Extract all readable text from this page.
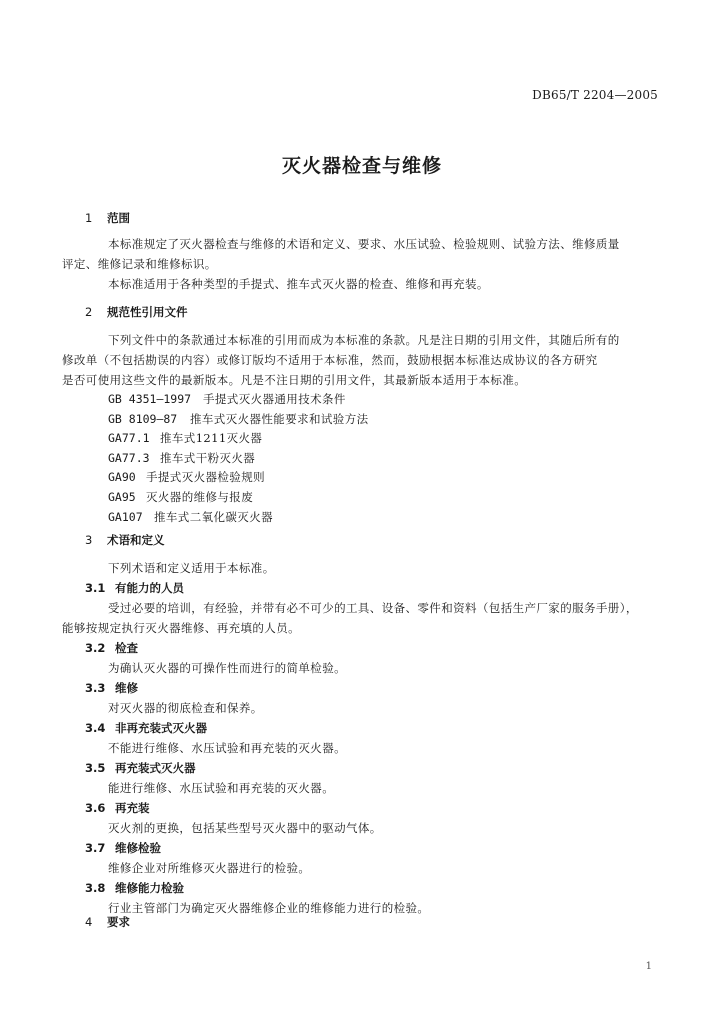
DB65/T 2204—2005
灭火器检查与维修
1 范围

本标准规定了灭火器检查与维修的术语和定义、要求、水压试验、检验规则、试验方法、维修质量
评定、维修记录和维修标识。

本标准适用于各种类型的手提式、推车式灭火器的检查、维修和再充装。

2 规范性引用文件

下列文件中的条款通过本标准的引用而成为本标准的条款。凡是注日期的引用文件，其随后所有的
修改单（不包括勘误的内容）或修订版均不适用于本标准，然而，鼓励根据本标准达成协议的各方研究
是否可使用这些文件的最新版本。凡是不注日期的引用文件，其最新版本适用于本标准。

GB 4351—1997 手提式灭火器通用技术条件
GB 8109—87 推车式灭火器性能要求和试验方法
GA77.1 推车式1211灭火器
GA77.3 推车式干粉灭火器
GA90 手提式灭火器检验规则
GA95 灭火器的维修与报废
GA107 推车式二氧化碳灭火器
3 术语和定义

下列术语和定义适用于本标准。

3.1 有能力的人员

受过必要的培训，有经验，并带有必不可少的工具、设备、零件和资料（包括生产厂家的服务手册），
能够按规定执行灭火器维修、再充填的人员。

3.2 检查

为确认灭火器的可操作性而进行的简单检验。

3.3 维修

对灭火器的彻底检查和保养。

3.4 非再充装式灭火器

不能进行维修、水压试验和再充装的灭火器。

3.5 再充装式灭火器

能进行维修、水压试验和再充装的灭火器。

3.6 再充装

灭火剂的更换，包括某些型号灭火器中的驱动气体。

3.7 维修检验

维修企业对所维修灭火器进行的检验。

3.8 维修能力检验

行业主管部门为确定灭火器维修企业的维修能力进行的检验。

4 要求
1
